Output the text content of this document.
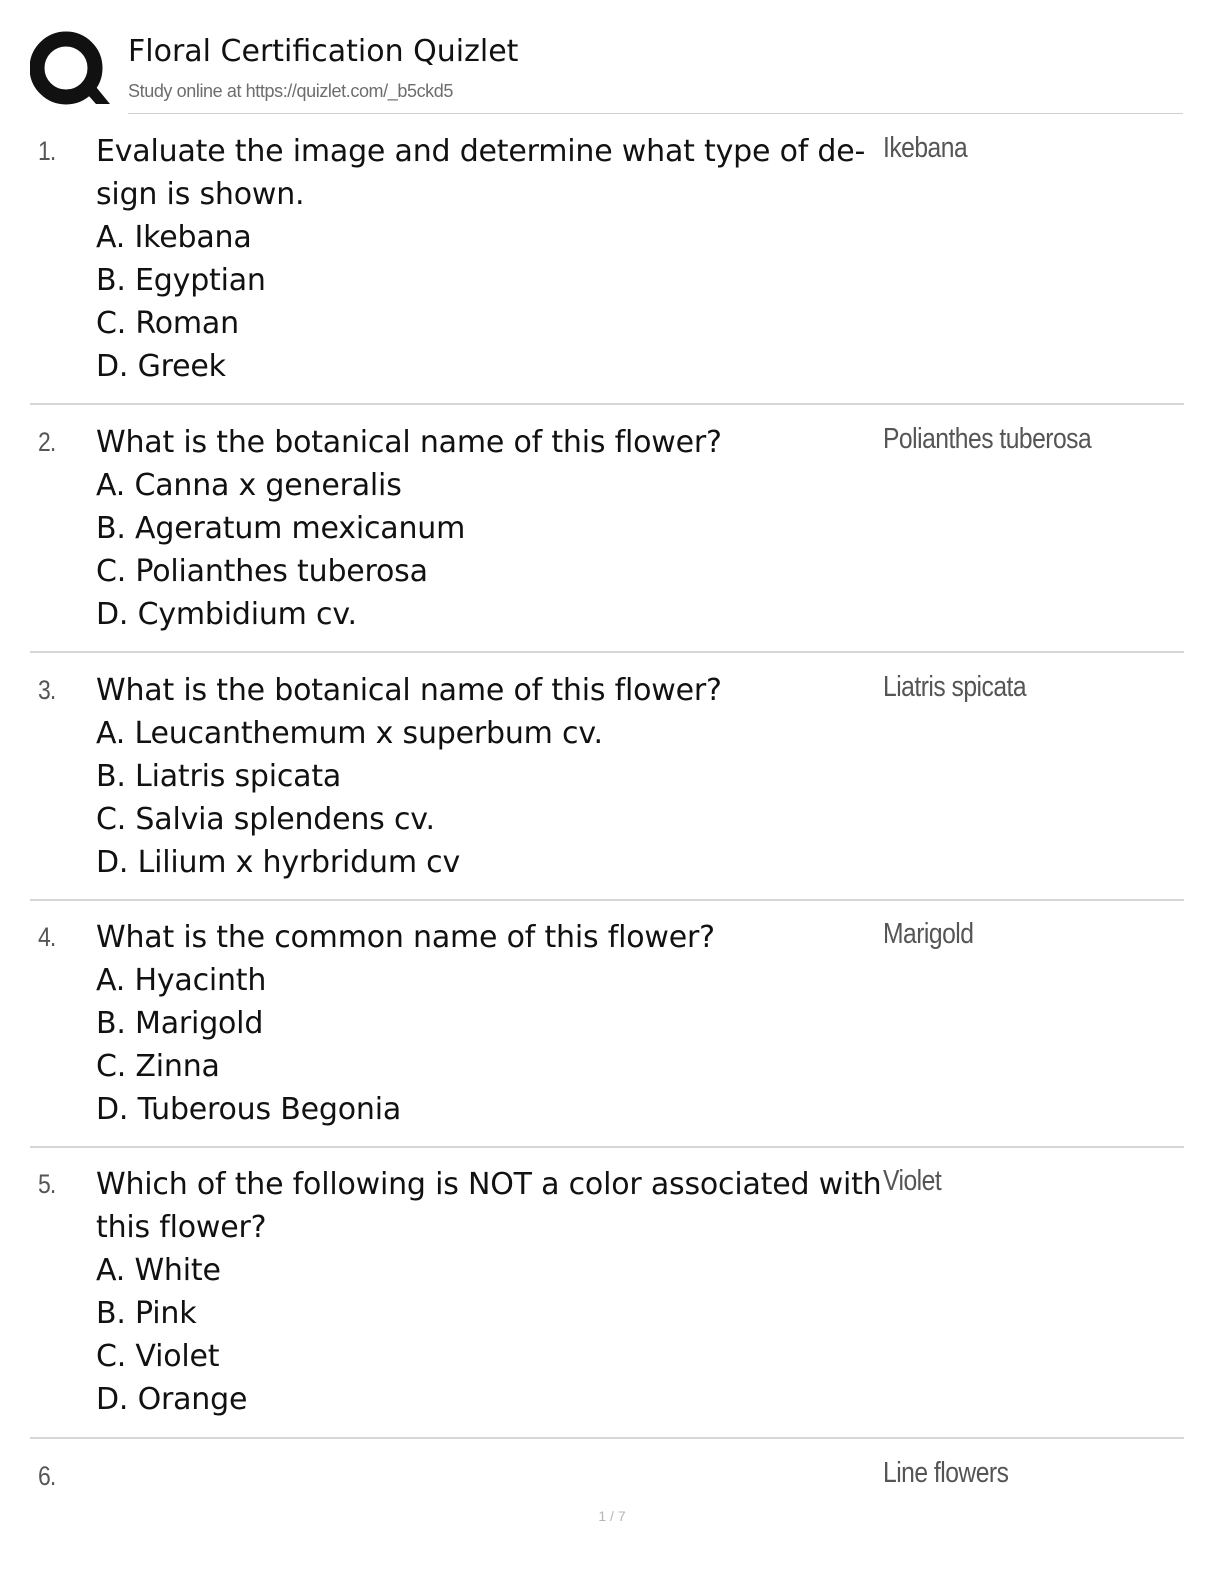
Floral Certification Quizlet
Study online at https://quizlet.com/_b5ckd5
1. Evaluate the image and determine what type of de-
sign is shown.
A. Ikebana
B. Egyptian
C. Roman
D. Greek
Ikebana
2. What is the botanical name of this flower?
A. Canna x generalis
B. Ageratum mexicanum
C. Polianthes tuberosa
D. Cymbidium cv.
Polianthes tuberosa
3. What is the botanical name of this flower?
A. Leucanthemum x superbum cv.
B. Liatris spicata
C. Salvia splendens cv.
D. Lilium x hyrbridum cv
Liatris spicata
4. What is the common name of this flower?
A. Hyacinth
B. Marigold
C. Zinna
D. Tuberous Begonia
Marigold
5. Which of the following is NOT a color associated with
this flower?
A. White
B. Pink
C. Violet
D. Orange
Violet
6.	Line flowers
1 / 7
